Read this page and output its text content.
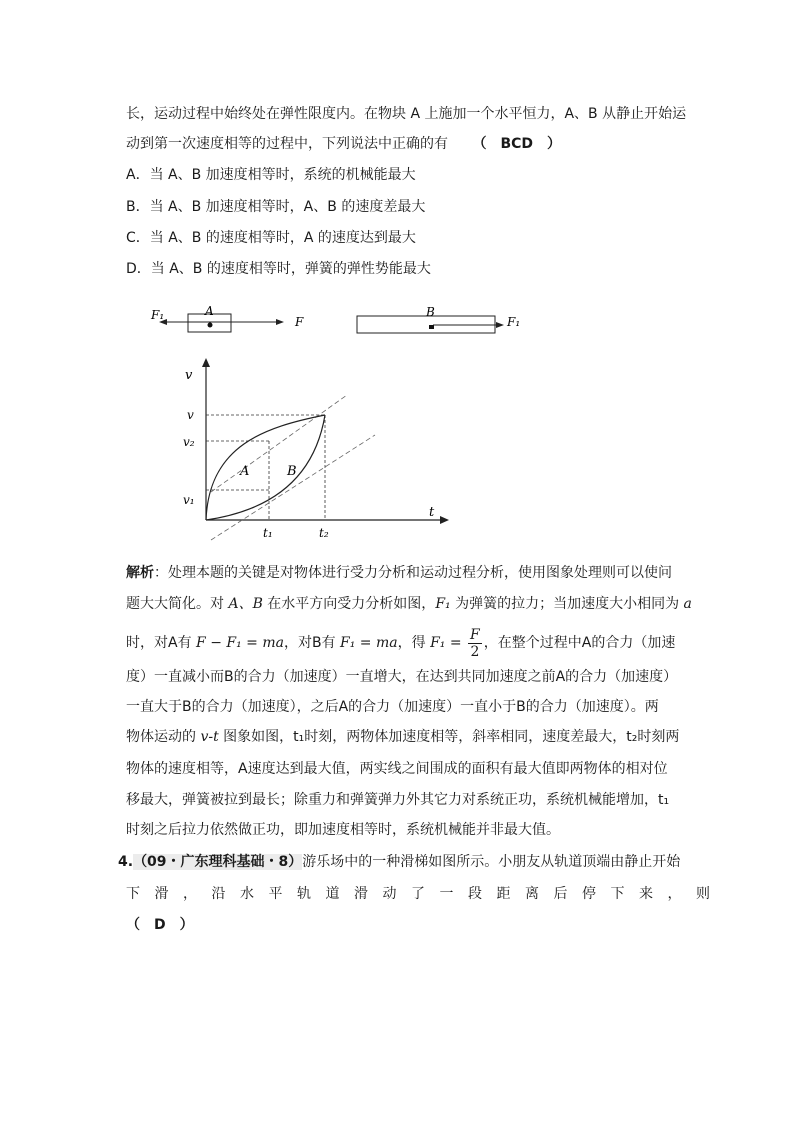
长，运动过程中始终处在弹性限度内。在物块 A 上施加一个水平恒力，A、B 从静止开始运
动到第一次速度相等的过程中，下列说法中正确的有 （　BCD　）
A．当 A、B 加速度相等时，系统的机械能最大
B．当 A、B 加速度相等时，A、B 的速度差最大
C．当 A、B 的速度相等时，A 的速度达到最大
D．当 A、B 的速度相等时，弹簧的弹性势能最大
F₁	A
F
B
F₁
v
t
v
v₂
v₁
t₁	t₂
A	B
解析：处理本题的关键是对物体进行受力分析和运动过程分析，使用图象处理则可以使问
题大大简化。对 A、B 在水平方向受力分析如图，F₁ 为弹簧的拉力；当加速度大小相同为 a
时，对A有 F − F₁ = ma，对B有 F₁ = ma，得 $F_1 = \frac{F}{2}$ ，在整个过程中A的合力（加速
度）一直减小而B的合力（加速度）一直增大，在达到共同加速度之前A的合力（加速度）
一直大于B的合力（加速度），之后A的合力（加速度）一直小于B的合力（加速度）。两
物体运动的 v-t 图象如图，t₁时刻，两物体加速度相等，斜率相同，速度差最大，t₂时刻两
物体的速度相等，A速度达到最大值，两实线之间围成的面积有最大值即两物体的相对位
移最大，弹簧被拉到最长；除重力和弹簧弹力外其它力对系统正功，系统机械能增加，t₁
时刻之后拉力依然做正功，即加速度相等时，系统机械能并非最大值。
4.（09・广东理科基础・8）游乐场中的一种滑梯如图所示。小朋友从轨道顶端由静止开始
下滑，沿水平轨道滑动了一段距离后停下来，则
（　D　）
